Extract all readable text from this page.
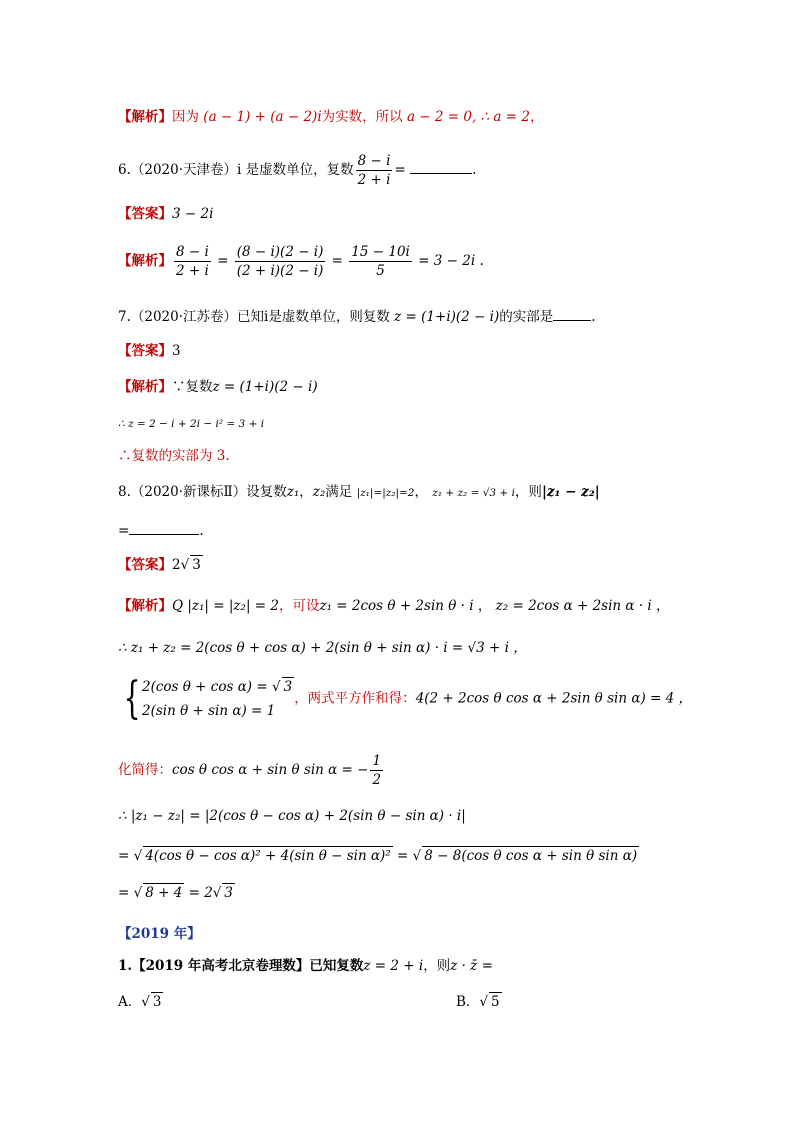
【解析】因为 (a − 1) + (a − 2)i为实数，所以 a − 2 = 0, ∴ a = 2，
6.（2020·天津卷）i 是虚数单位，复数 $\frac{8 - i}{2 + i}$ =	.
【答案】3 − 2i
【解析】 $\frac{8 - i}{2 + i} = \frac{(8 - i)(2 - i)}{(2 + i)(2 - i)} = \frac{15 - 10i}{5} = 3 - 2i$ .
7.（2020·江苏卷）已知i是虚数单位，则复数 z = (1+i)(2 − i)的实部是	.
【答案】3
【解析】∵复数z = (1+i)(2 − i)
∴ z = 2 − i + 2i − i² = 3 + i
∴复数的实部为 3.
8.（2020·新课标Ⅱ）设复数z₁，z₂满足 |z₁|=|z₂|=2， z₁ + z₂ = √3 + i，则|z₁ − z₂|
=	.
【答案】2√ 3
【解析】Q |z₁| = |z₂| = 2，可设z₁ = 2cos θ + 2sin θ · i ， z₂ = 2cos α + 2sin α · i ，
∴ z₁ + z₂ = 2(cos θ + cos α) + 2(sin θ + sin α) · i = √3 + i ，
{ 2(cos θ + cos α) = √ 3
2(sin θ + sin α) = 1
，两式平方作和得：4(2 + 2cos θ cos α + 2sin θ sin α) = 4 ，
化简得：cos θ cos α + sin θ sin α = − $\frac{1}{2}$
∴ |z₁ − z₂| = |2(cos θ − cos α) + 2(sin θ − sin α) · i|
= √ 4(cos θ − cos α)² + 4(sin θ − sin α)² = √ 8 − 8(cos θ cos α + sin θ sin α)
= √ 8 + 4 = 2√ 3
【2019 年】
1.【2019 年高考北京卷理数】已知复数z = 2 + i，则z · z̄ =
A．√ 3	B．√ 5
